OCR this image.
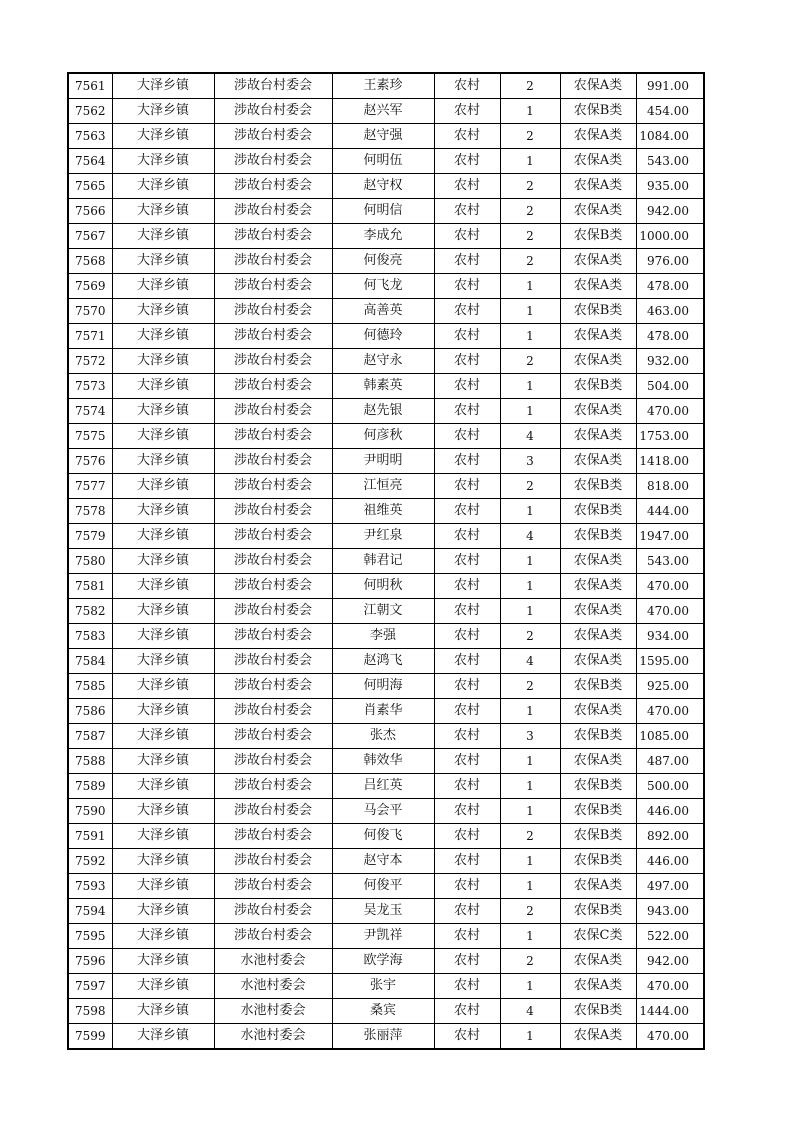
7561	大泽乡镇	涉故台村委会	王素珍	农村	2	农保A类	991.00
7562	大泽乡镇	涉故台村委会	赵兴军	农村	1	农保B类	454.00
7563	大泽乡镇	涉故台村委会	赵守强	农村	2	农保A类	1084.00
7564	大泽乡镇	涉故台村委会	何明伍	农村	1	农保A类	543.00
7565	大泽乡镇	涉故台村委会	赵守权	农村	2	农保A类	935.00
7566	大泽乡镇	涉故台村委会	何明信	农村	2	农保A类	942.00
7567	大泽乡镇	涉故台村委会	李成允	农村	2	农保B类	1000.00
7568	大泽乡镇	涉故台村委会	何俊亮	农村	2	农保A类	976.00
7569	大泽乡镇	涉故台村委会	何飞龙	农村	1	农保A类	478.00
7570	大泽乡镇	涉故台村委会	高善英	农村	1	农保B类	463.00
7571	大泽乡镇	涉故台村委会	何德玲	农村	1	农保A类	478.00
7572	大泽乡镇	涉故台村委会	赵守永	农村	2	农保A类	932.00
7573	大泽乡镇	涉故台村委会	韩素英	农村	1	农保B类	504.00
7574	大泽乡镇	涉故台村委会	赵先银	农村	1	农保A类	470.00
7575	大泽乡镇	涉故台村委会	何彦秋	农村	4	农保A类	1753.00
7576	大泽乡镇	涉故台村委会	尹明明	农村	3	农保A类	1418.00
7577	大泽乡镇	涉故台村委会	江恒亮	农村	2	农保B类	818.00
7578	大泽乡镇	涉故台村委会	祖维英	农村	1	农保B类	444.00
7579	大泽乡镇	涉故台村委会	尹红泉	农村	4	农保B类	1947.00
7580	大泽乡镇	涉故台村委会	韩君记	农村	1	农保A类	543.00
7581	大泽乡镇	涉故台村委会	何明秋	农村	1	农保A类	470.00
7582	大泽乡镇	涉故台村委会	江朝文	农村	1	农保A类	470.00
7583	大泽乡镇	涉故台村委会	李强	农村	2	农保A类	934.00
7584	大泽乡镇	涉故台村委会	赵鸿飞	农村	4	农保A类	1595.00
7585	大泽乡镇	涉故台村委会	何明海	农村	2	农保B类	925.00
7586	大泽乡镇	涉故台村委会	肖素华	农村	1	农保A类	470.00
7587	大泽乡镇	涉故台村委会	张杰	农村	3	农保B类	1085.00
7588	大泽乡镇	涉故台村委会	韩效华	农村	1	农保A类	487.00
7589	大泽乡镇	涉故台村委会	吕红英	农村	1	农保B类	500.00
7590	大泽乡镇	涉故台村委会	马会平	农村	1	农保B类	446.00
7591	大泽乡镇	涉故台村委会	何俊飞	农村	2	农保B类	892.00
7592	大泽乡镇	涉故台村委会	赵守本	农村	1	农保B类	446.00
7593	大泽乡镇	涉故台村委会	何俊平	农村	1	农保A类	497.00
7594	大泽乡镇	涉故台村委会	吴龙玉	农村	2	农保B类	943.00
7595	大泽乡镇	涉故台村委会	尹凯祥	农村	1	农保C类	522.00
7596	大泽乡镇	水池村委会	欧学海	农村	2	农保A类	942.00
7597	大泽乡镇	水池村委会	张宇	农村	1	农保A类	470.00
7598	大泽乡镇	水池村委会	桑宾	农村	4	农保B类	1444.00
7599	大泽乡镇	水池村委会	张丽萍	农村	1	农保A类	470.00
